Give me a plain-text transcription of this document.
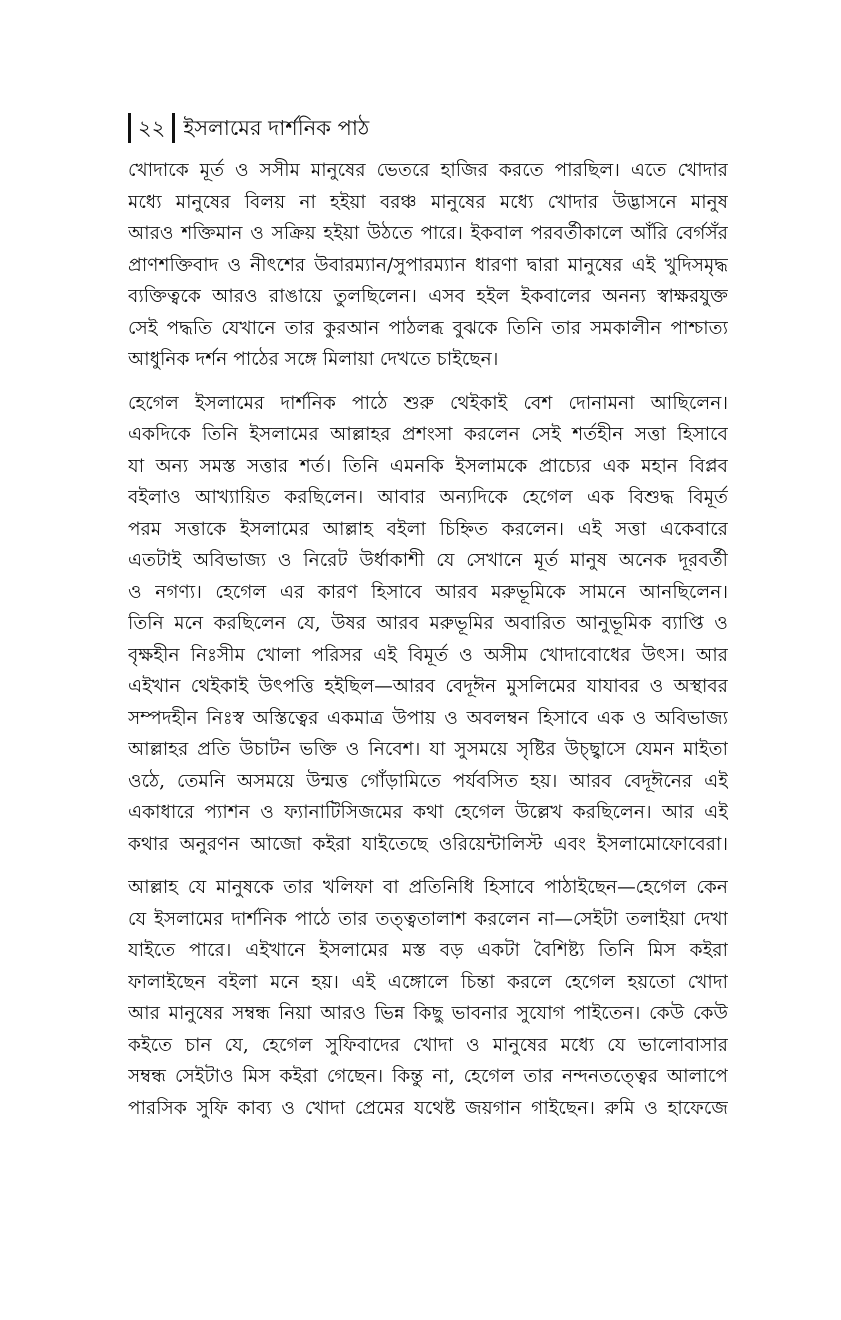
২২ ইসলামের দার্শনিক পাঠ

খোদাকে মূর্ত ও সসীম মানুষের ভেতরে হাজির করতে পারছিল। এতে খোদার
মধ্যে মানুষের বিলয় না হইয়া বরঞ্চ মানুষের মধ্যে খোদার উদ্ভাসনে মানুষ
আরও শক্তিমান ও সক্রিয় হইয়া উঠতে পারে। ইকবাল পরবর্তীকালে আঁরি বের্গসঁর
প্রাণশক্তিবাদ ও নীৎশের উবারম্যান/সুপারম্যান ধারণা দ্বারা মানুষের এই খুদিসমৃদ্ধ
ব্যক্তিত্বকে আরও রাঙায়ে তুলছিলেন। এসব হইল ইকবালের অনন্য স্বাক্ষরযুক্ত
সেই পদ্ধতি যেখানে তার কুরআন পাঠলব্ধ বুঝকে তিনি তার সমকালীন পাশ্চাত্য
আধুনিক দর্শন পাঠের সঙ্গে মিলায়া দেখতে চাইছেন।

হেগেল ইসলামের দার্শনিক পাঠে শুরু থেইকাই বেশ দোনামনা আছিলেন।
একদিকে তিনি ইসলামের আল্লাহর প্রশংসা করলেন সেই শর্তহীন সত্তা হিসাবে
যা অন্য সমস্ত সত্তার শর্ত। তিনি এমনকি ইসলামকে প্রাচ্যের এক মহান বিপ্লব
বইলাও আখ্যায়িত করছিলেন। আবার অন্যদিকে হেগেল এক বিশুদ্ধ বিমূর্ত
পরম সত্তাকে ইসলামের আল্লাহ বইলা চিহ্নিত করলেন। এই সত্তা একেবারে
এতটাই অবিভাজ্য ও নিরেট উর্ধাকাশী যে সেখানে মূর্ত মানুষ অনেক দূরবর্তী
ও নগণ্য। হেগেল এর কারণ হিসাবে আরব মরুভূমিকে সামনে আনছিলেন।
তিনি মনে করছিলেন যে, উষর আরব মরুভূমির অবারিত আনুভূমিক ব্যাপ্তি ও
বৃক্ষহীন নিঃসীম খোলা পরিসর এই বিমূর্ত ও অসীম খোদাবোধের উৎস। আর
এইখান থেইকাই উৎপত্তি হইছিল—আরব বেদূঈন মুসলিমের যাযাবর ও অস্থাবর
সম্পদহীন নিঃস্ব অস্তিত্বের একমাত্র উপায় ও অবলম্বন হিসাবে এক ও অবিভাজ্য
আল্লাহর প্রতি উচাটন ভক্তি ও নিবেশ। যা সুসময়ে সৃষ্টির উচ্ছ্বাসে যেমন মাইতা
ওঠে, তেমনি অসময়ে উন্মত্ত গোঁড়ামিতে পর্যবসিত হয়। আরব বেদূঈনের এই
একাধারে প্যাশন ও ফ্যানাটিসিজমের কথা হেগেল উল্লেখ করছিলেন। আর এই
কথার অনুরণন আজো কইরা যাইতেছে ওরিয়েন্টালিস্ট এবং ইসলামোফোবেরা।

আল্লাহ যে মানুষকে তার খলিফা বা প্রতিনিধি হিসাবে পাঠাইছেন—হেগেল কেন
যে ইসলামের দার্শনিক পাঠে তার তত্ত্বতালাশ করলেন না—সেইটা তলাইয়া দেখা
যাইতে পারে। এইখানে ইসলামের মস্ত বড় একটা বৈশিষ্ট্য তিনি মিস কইরা
ফালাইছেন বইলা মনে হয়। এই এঙ্গোলে চিন্তা করলে হেগেল হয়তো খোদা
আর মানুষের সম্বন্ধ নিয়া আরও ভিন্ন কিছু ভাবনার সুযোগ পাইতেন। কেউ কেউ
কইতে চান যে, হেগেল সুফিবাদের খোদা ও মানুষের মধ্যে যে ভালোবাসার
সম্বন্ধ সেইটাও মিস কইরা গেছেন। কিন্তু না, হেগেল তার নন্দনতত্ত্বের আলাপে
পারসিক সুফি কাব্য ও খোদা প্রেমের যথেষ্ট জয়গান গাইছেন। রুমি ও হাফেজে
